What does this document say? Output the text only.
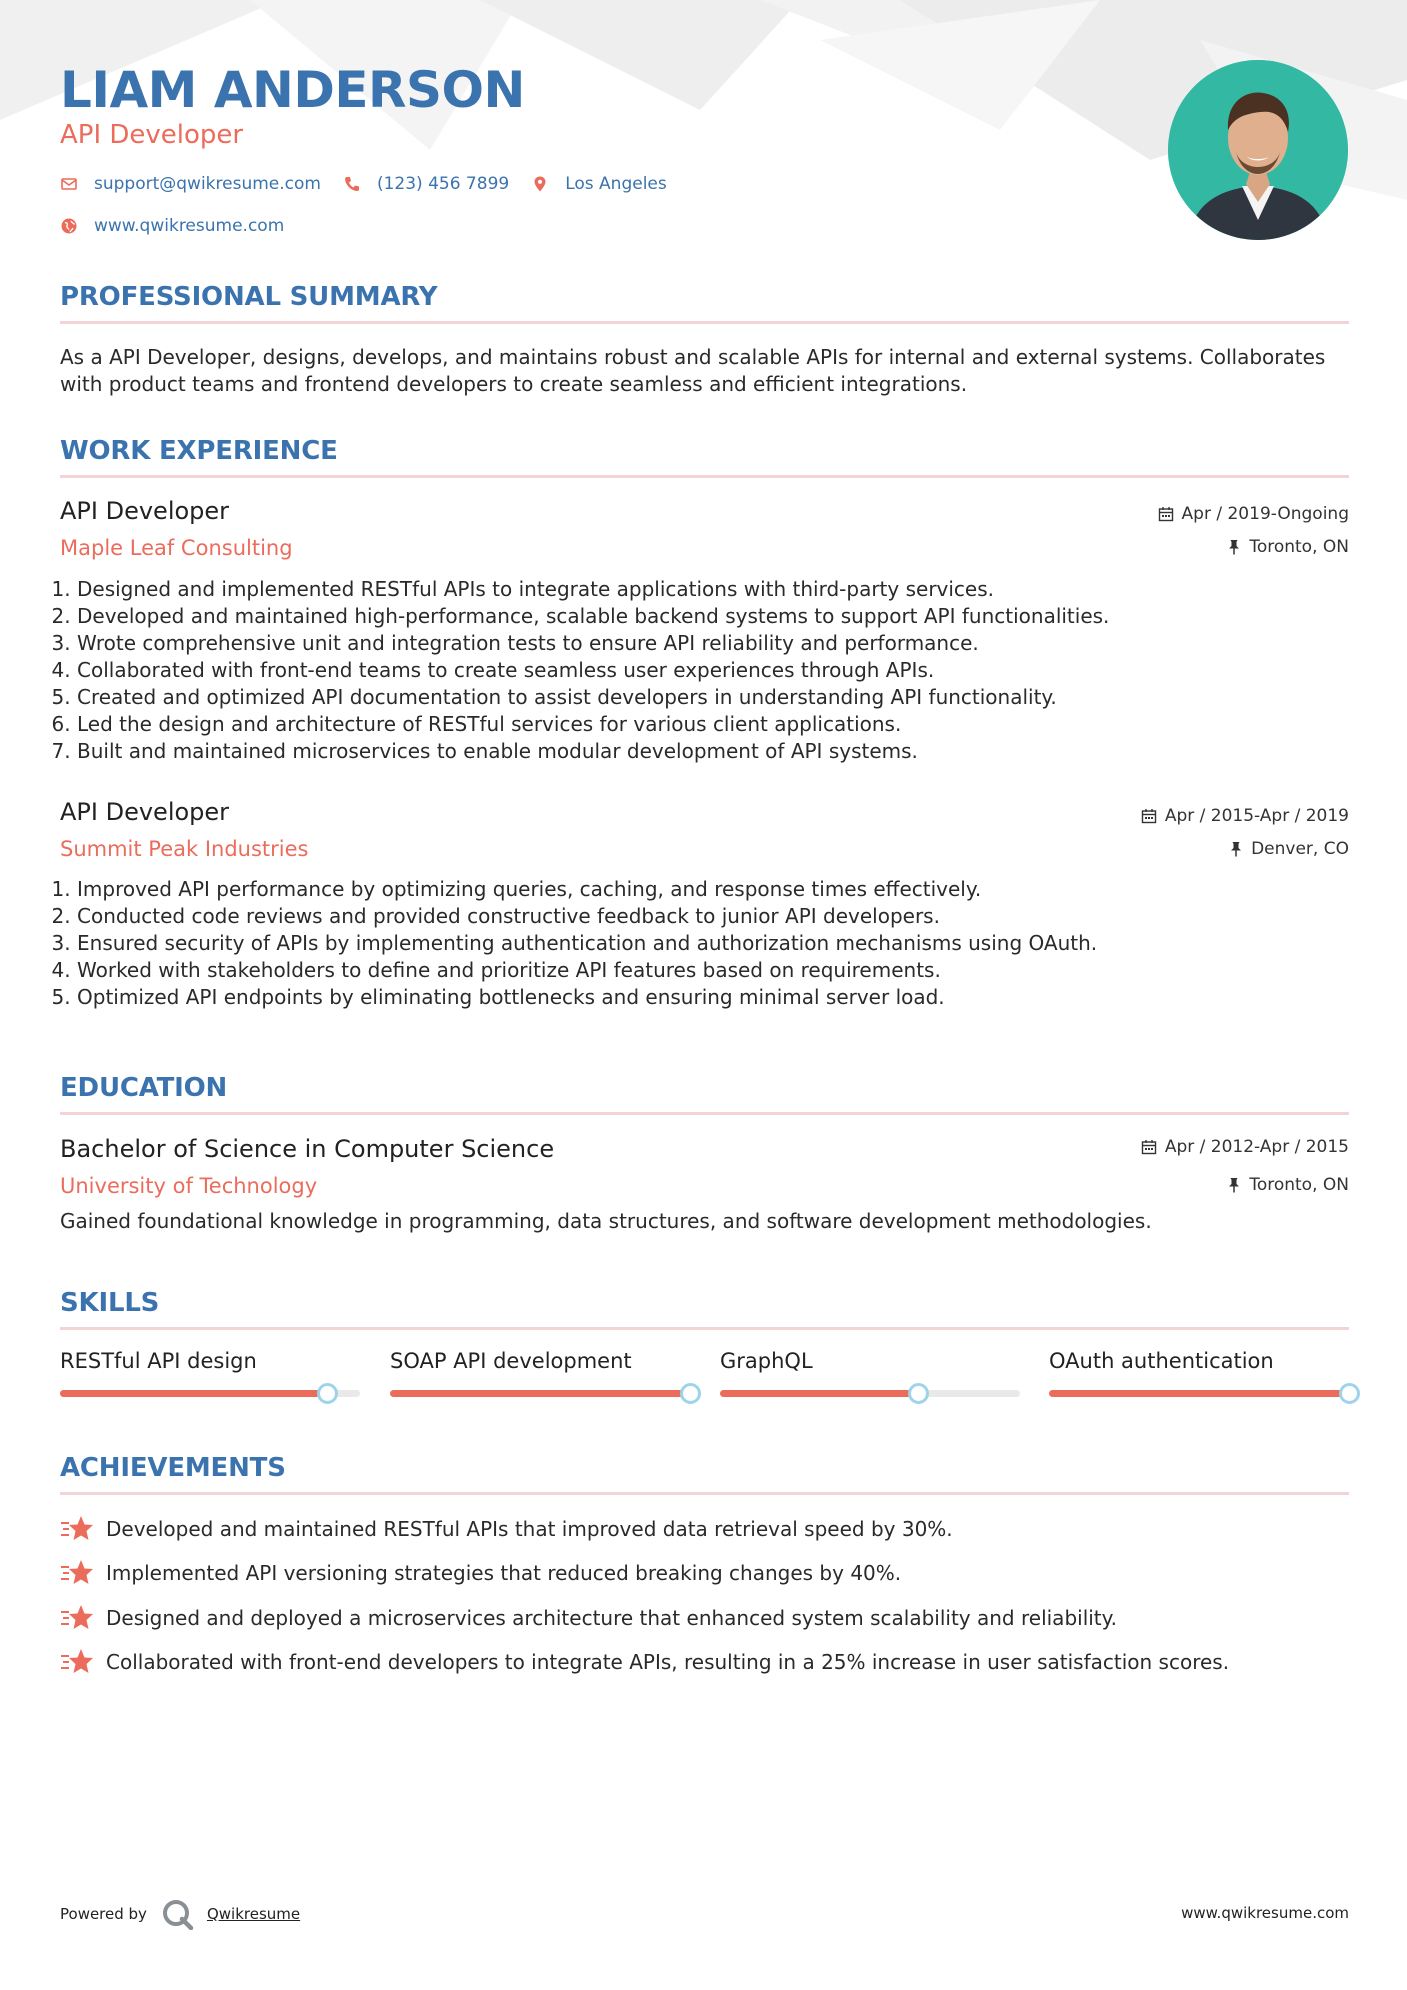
LIAM ANDERSON
API Developer
support@qwikresume.com	(123) 456 7899	Los Angeles
www.qwikresume.com
PROFESSIONAL SUMMARY
As a API Developer, designs, develops, and maintains robust and scalable APIs for internal and external systems. Collaborates with product teams and frontend developers to create seamless and efficient integrations.
WORK EXPERIENCE
API Developer
Maple Leaf Consulting
Apr / 2019-Ongoing
Toronto, ON
1. Designed and implemented RESTful APIs to integrate applications with third-party services.
2. Developed and maintained high-performance, scalable backend systems to support API functionalities.
3. Wrote comprehensive unit and integration tests to ensure API reliability and performance.
4. Collaborated with front-end teams to create seamless user experiences through APIs.
5. Created and optimized API documentation to assist developers in understanding API functionality.
6. Led the design and architecture of RESTful services for various client applications.
7. Built and maintained microservices to enable modular development of API systems.
API Developer
Summit Peak Industries
Apr / 2015-Apr / 2019
Denver, CO
1. Improved API performance by optimizing queries, caching, and response times effectively.
2. Conducted code reviews and provided constructive feedback to junior API developers.
3. Ensured security of APIs by implementing authentication and authorization mechanisms using OAuth.
4. Worked with stakeholders to define and prioritize API features based on requirements.
5. Optimized API endpoints by eliminating bottlenecks and ensuring minimal server load.
EDUCATION
Bachelor of Science in Computer Science
University of Technology
Apr / 2012-Apr / 2015
Toronto, ON
Gained foundational knowledge in programming, data structures, and software development methodologies.
SKILLS
RESTful API design	SOAP API development	GraphQL	OAuth authentication
ACHIEVEMENTS
Developed and maintained RESTful APIs that improved data retrieval speed by 30%.
Implemented API versioning strategies that reduced breaking changes by 40%.
Designed and deployed a microservices architecture that enhanced system scalability and reliability.
Collaborated with front-end developers to integrate APIs, resulting in a 25% increase in user satisfaction scores.
Powered by	Qwikresume	www.qwikresume.com
